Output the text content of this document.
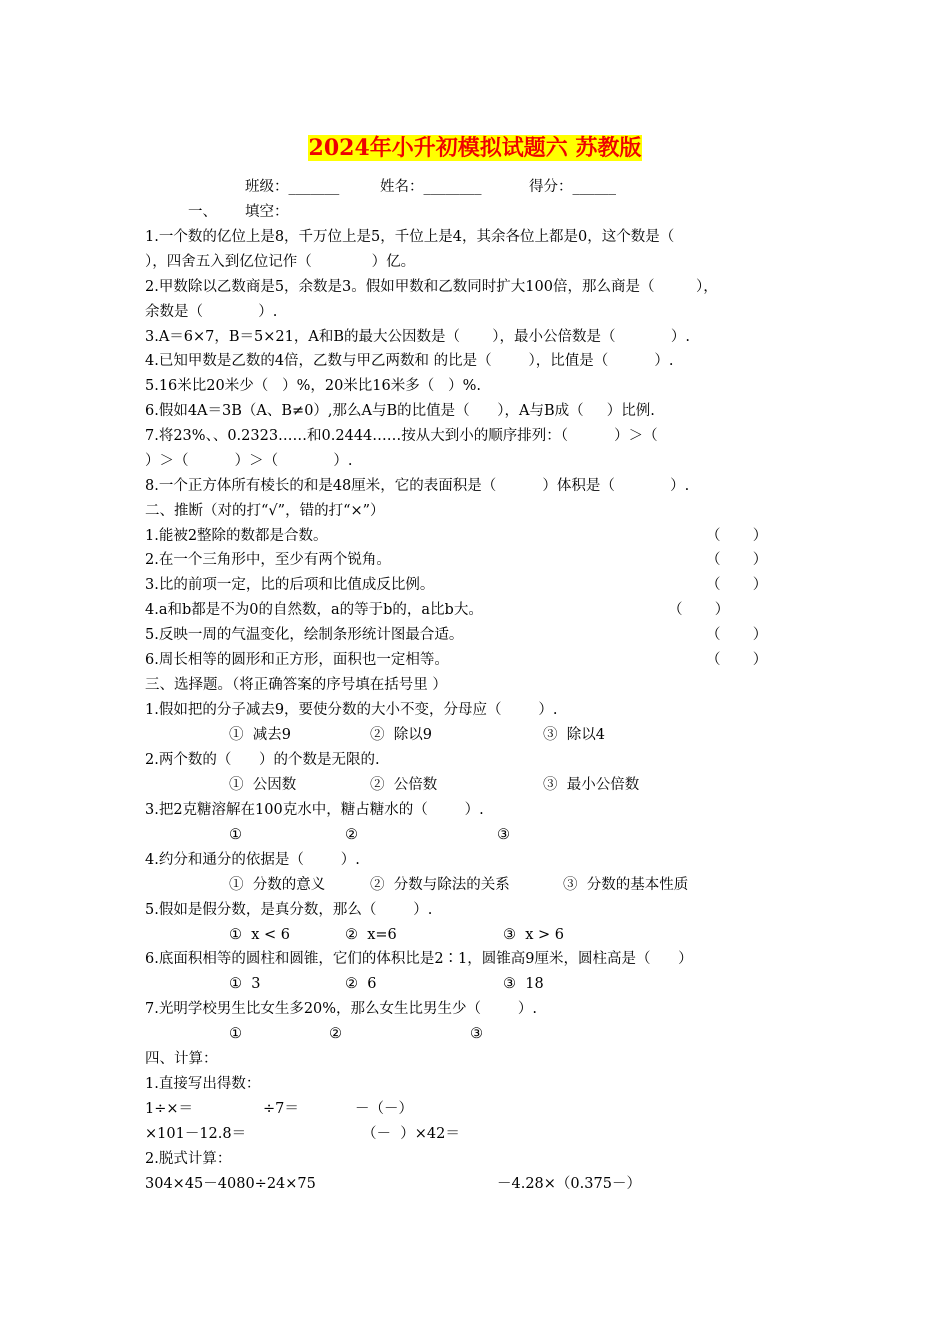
2024年小升初模拟试题六 苏教版
班级：_______	姓名：________	得分：______
一、 填空：
1.一个数的亿位上是8，千万位上是5，千位上是4，其余各位上都是0，这个数是（
），四舍五入到亿位记作（             ）亿。
2.甲数除以乙数商是5，余数是3。假如甲数和乙数同时扩大100倍，那么商是（         ），
余数是（            ）.
3.A＝6×7，B＝5×21，A和B的最大公因数是（       ），最小公倍数是（            ）.
4.已知甲数是乙数的4倍，乙数与甲乙两数和 的比是（        ），比值是（          ）.
5.16米比20米少（   ）%，20米比16米多（   ）%.
6.假如4A＝3B（A、B≠0）,那么A与B的比值是（      ），A与B成（     ）比例.
7.将23%、、0.2323……和0.2444……按从大到小的顺序排列：（          ）＞（
）＞（          ）＞（            ）.
8.一个正方体所有棱长的和是48厘米，它的表面积是（          ）体积是（            ）.
二、推断（对的打“√”，错的打“×”）
1.能被2整除的数都是合数。	（       ）
2.在一个三角形中，至少有两个锐角。	（       ）
3.比的前项一定，比的后项和比值成反比例。	（       ）
4.a和b都是不为0的自然数，a的等于b的，a比b大。	（       ）
5.反映一周的气温变化，绘制条形统计图最合适。	（       ）
6.周长相等的圆形和正方形，面积也一定相等。	（       ）
三、选择题。（将正确答案的序号填在括号里 ）
1.假如把的分子减去9，要使分数的大小不变，分母应（        ）.
①  减去9	②  除以9	③  除以4
2.两个数的（      ）的个数是无限的.
①  公因数	②  公倍数	③  最小公倍数
3.把2克糖溶解在100克水中，糖占糖水的（        ）.
①	②	③
4.约分和通分的依据是（        ）.
①  分数的意义	②  分数与除法的关系	③  分数的基本性质
5.假如是假分数，是真分数，那么（        ）.
①  x < 6	②  x=6	③  x > 6
6.底面积相等的圆柱和圆锥，它们的体积比是2∶1，圆锥高9厘米，圆柱高是（      ）
①  3	②  6	③  18
7.光明学校男生比女生多20%，那么女生比男生少（        ）.
①	②	③
四、计算：
1.直接写出得数：
1÷×＝	÷7＝	－（－）
×101－12.8＝	（－  ）×42＝
2.脱式计算：
304×45－4080÷24×75	－4.28×（0.375－）
